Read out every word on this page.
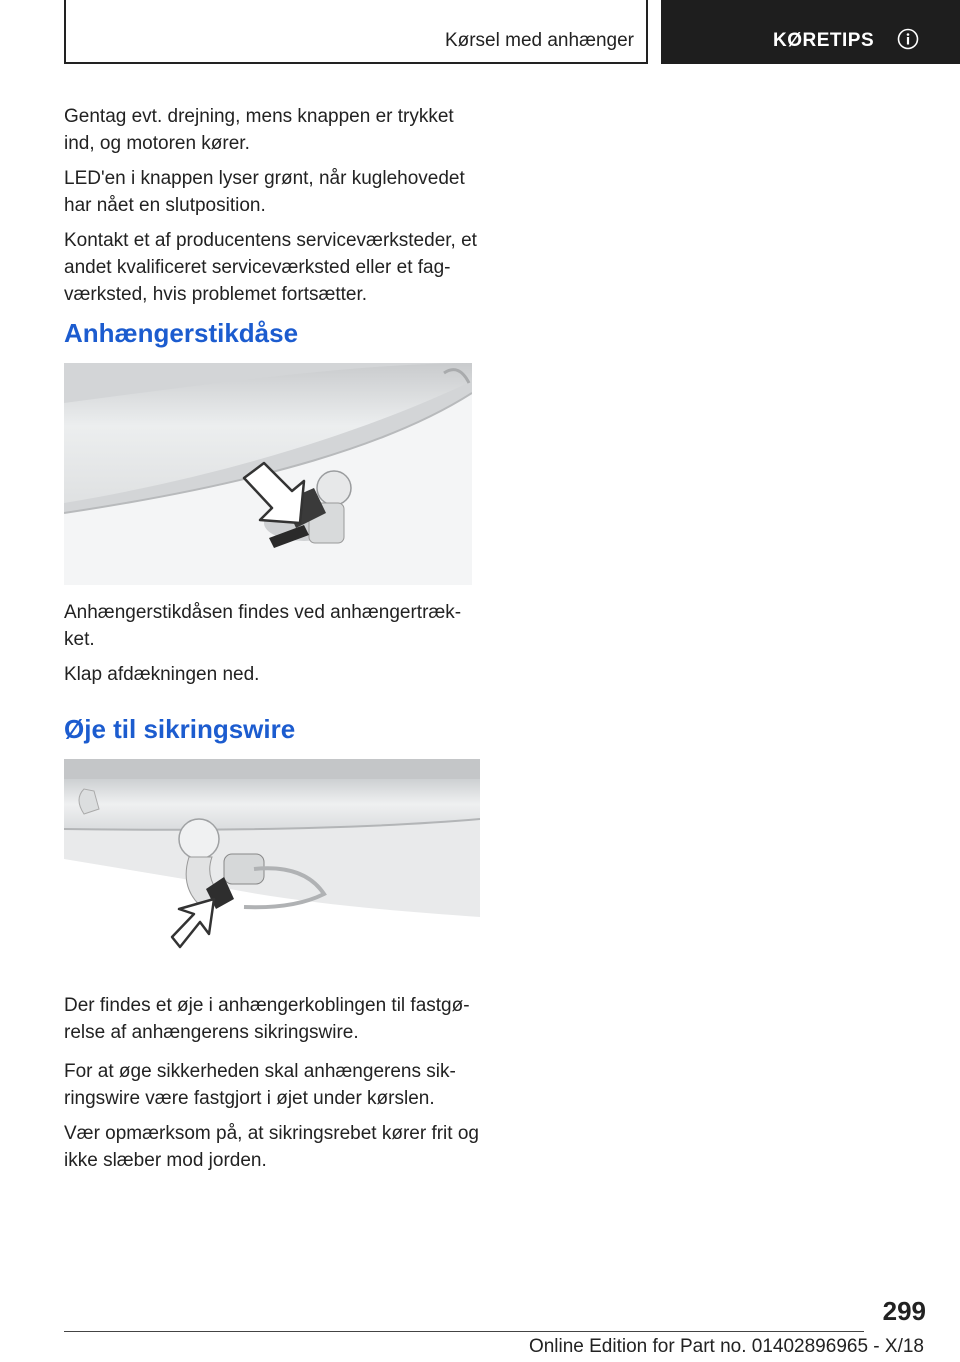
Kørsel med anhænger	KØRETIPS

Gentag evt. drejning, mens knappen er trykket ind, og motoren kører.

LED'en i knappen lyser grønt, når kuglehovedet har nået en slutposition.

Kontakt et af producentens serviceværksteder, et andet kvalificeret serviceværksted eller et fag-værksted, hvis problemet fortsætter.

Anhængerstikdåse

Anhængerstikdåsen findes ved anhængertræk-ket.

Klap afdækningen ned.

Øje til sikringswire

Der findes et øje i anhængerkoblingen til fastgø-relse af anhængerens sikringswire.

For at øge sikkerheden skal anhængerens sik-ringswire være fastgjort i øjet under kørslen.

Vær opmærksom på, at sikringsrebet kører frit og ikke slæber mod jorden.

299
Online Edition for Part no. 01402896965 - X/18
